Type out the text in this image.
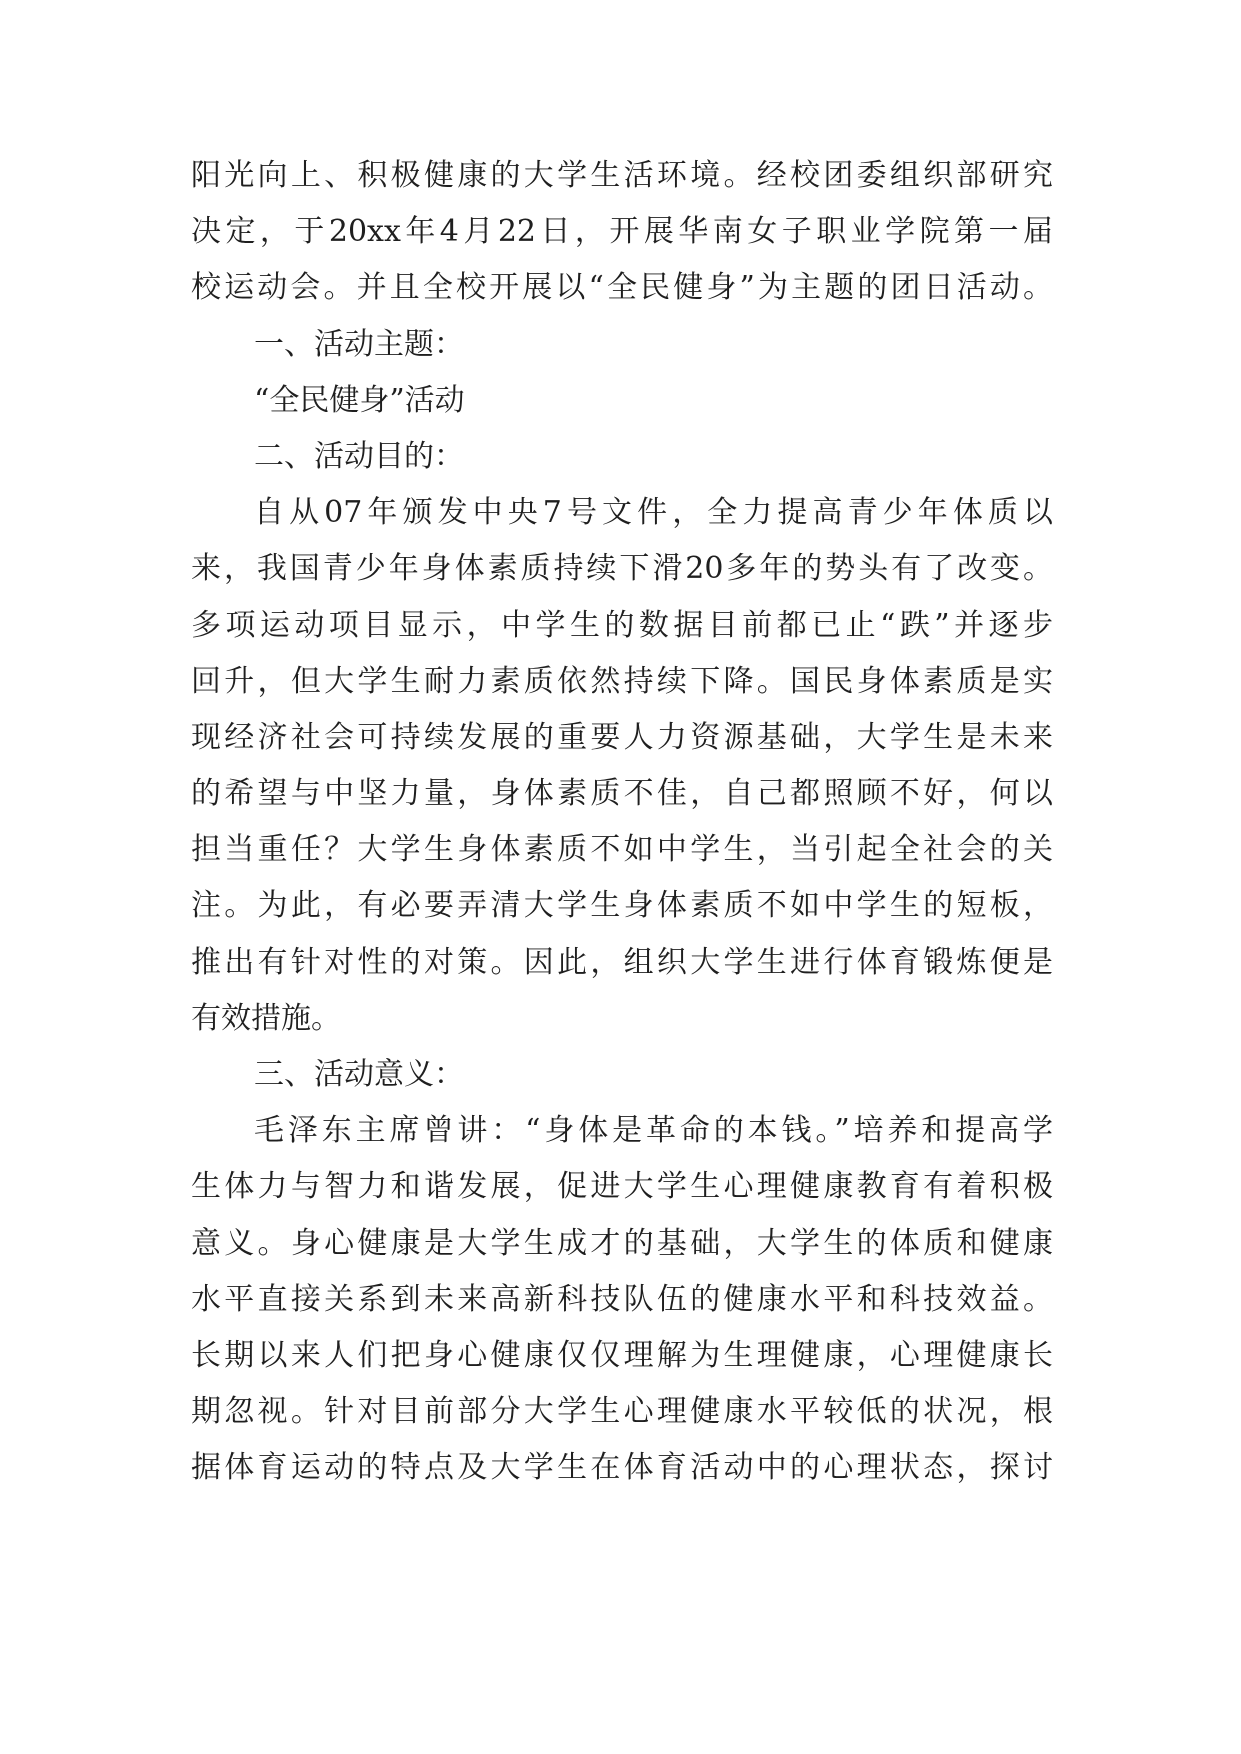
阳光向上、积极健康的大学生活环境。经校团委组织部研究
决定，于20xx年4月22日，开展华南女子职业学院第一届
校运动会。并且全校开展以“全民健身”为主题的团日活动。
一、活动主题：
“全民健身”活动
二、活动目的：
自从07年颁发中央7号文件，全力提高青少年体质以
来，我国青少年身体素质持续下滑20多年的势头有了改变。
多项运动项目显示，中学生的数据目前都已止“跌”并逐步
回升，但大学生耐力素质依然持续下降。国民身体素质是实
现经济社会可持续发展的重要人力资源基础，大学生是未来
的希望与中坚力量，身体素质不佳，自己都照顾不好，何以
担当重任？大学生身体素质不如中学生，当引起全社会的关
注。为此，有必要弄清大学生身体素质不如中学生的短板，
推出有针对性的对策。因此，组织大学生进行体育锻炼便是
有效措施。
三、活动意义：
毛泽东主席曾讲：“身体是革命的本钱。”培养和提高学
生体力与智力和谐发展，促进大学生心理健康教育有着积极
意义。身心健康是大学生成才的基础，大学生的体质和健康
水平直接关系到未来高新科技队伍的健康水平和科技效益。
长期以来人们把身心健康仅仅理解为生理健康，心理健康长
期忽视。针对目前部分大学生心理健康水平较低的状况，根
据体育运动的特点及大学生在体育活动中的心理状态，探讨
